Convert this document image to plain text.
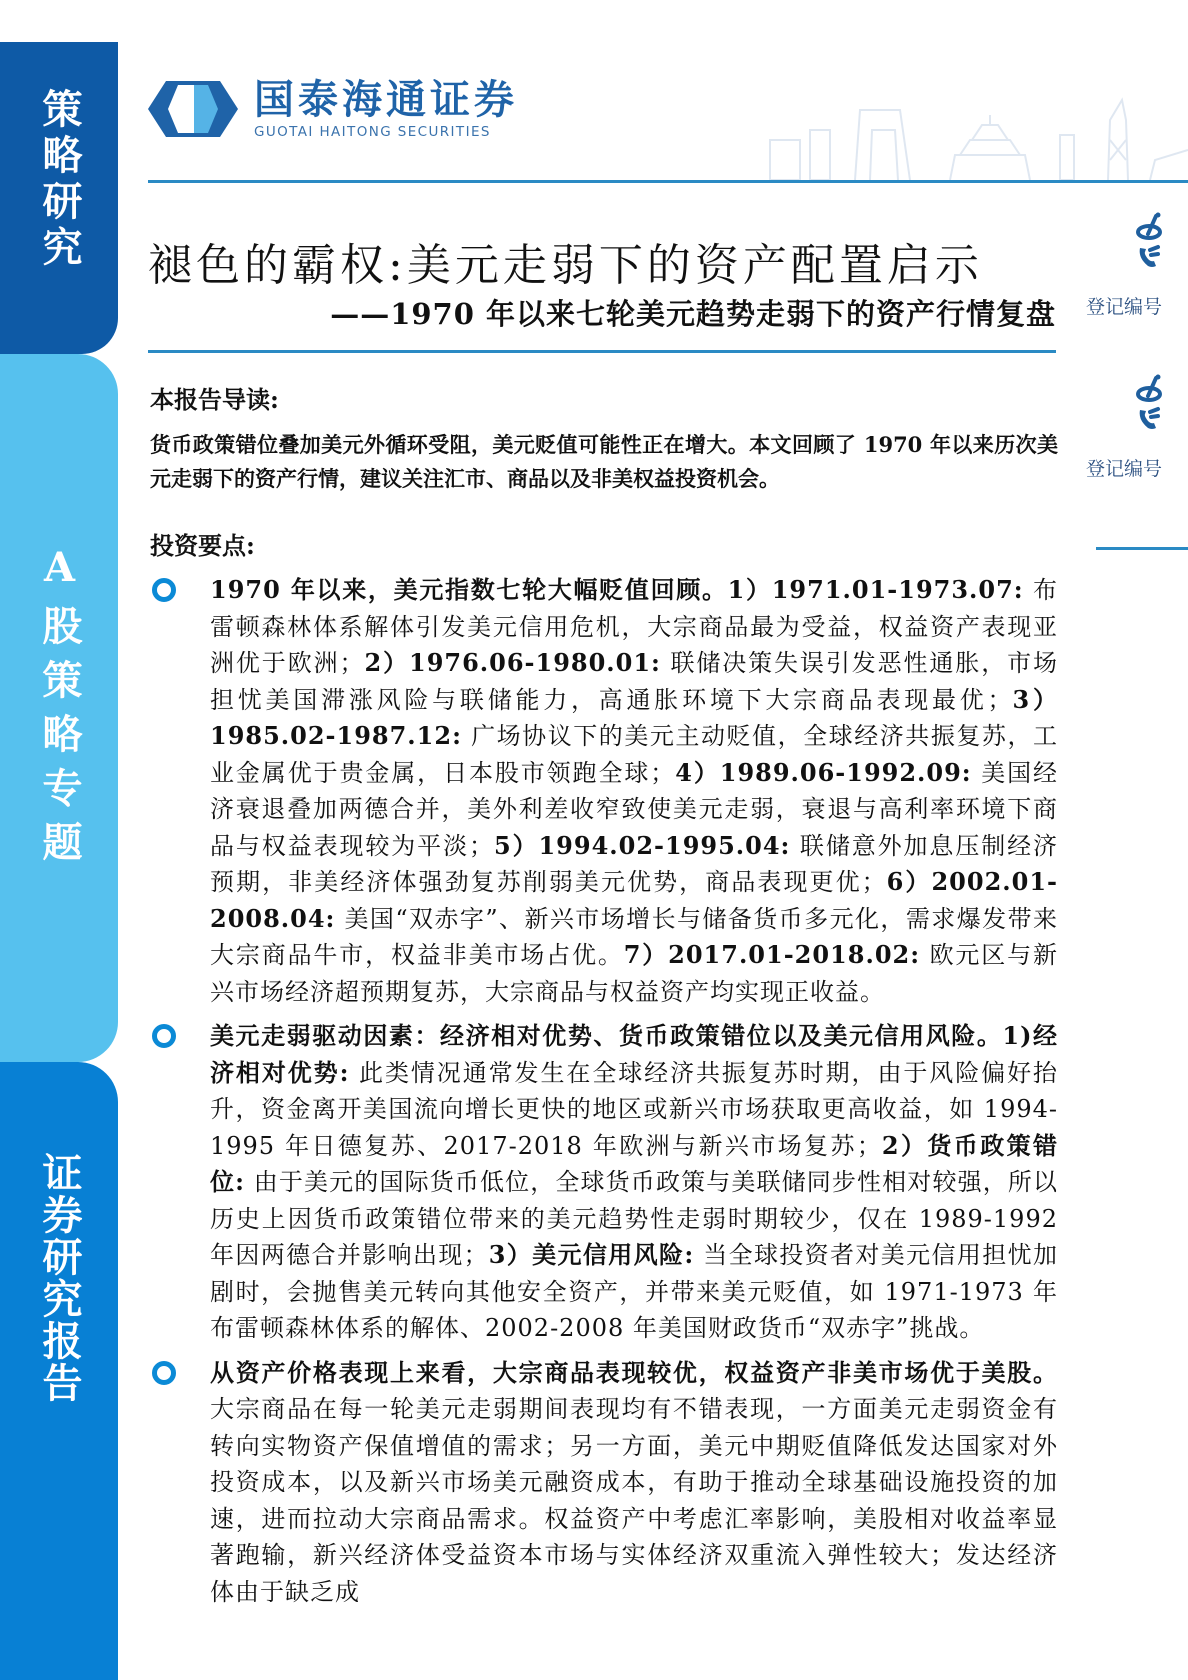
策略研究
A股策略专题
证券研究报告
国泰海通证券
GUOTAI HAITONG SECURITIES
褪色的霸权:美元走弱下的资产配置启示
——1970 年以来七轮美元趋势走弱下的资产行情复盘 登记编号
登记编号
本报告导读:
货币政策错位叠加美元外循环受阻，美元贬值可能性正在增大。本文回顾了 1970 年以来历次美元走弱下的资产行情，建议关注汇市、商品以及非美权益投资机会。
投资要点:

1970 年以来，美元指数七轮大幅贬值回顾。1）1971.01-1973.07: 布雷顿森林体系解体引发美元信用危机，大宗商品最为受益，权益资产表现亚洲优于欧洲；2）1976.06-1980.01: 联储决策失误引发恶性通胀，市场担忧美国滞涨风险与联储能力，高通胀环境下大宗商品表现最优；3）1985.02-1987.12: 广场协议下的美元主动贬值，全球经济共振复苏，工业金属优于贵金属，日本股市领跑全球；4）1989.06-1992.09: 美国经济衰退叠加两德合并，美外利差收窄致使美元走弱，衰退与高利率环境下商品与权益表现较为平淡；5）1994.02-1995.04: 联储意外加息压制经济预期，非美经济体强劲复苏削弱美元优势，商品表现更优；6）2002.01-2008.04: 美国“双赤字”、新兴市场增长与储备货币多元化，需求爆发带来大宗商品牛市，权益非美市场占优。7）2017.01-2018.02: 欧元区与新兴市场经济超预期复苏，大宗商品与权益资产均实现正收益。

美元走弱驱动因素：经济相对优势、货币政策错位以及美元信用风险。1)经济相对优势: 此类情况通常发生在全球经济共振复苏时期，由于风险偏好抬升，资金离开美国流向增长更快的地区或新兴市场获取更高收益，如 1994-1995 年日德复苏、2017-2018 年欧洲与新兴市场复苏；2）货币政策错位: 由于美元的国际货币低位，全球货币政策与美联储同步性相对较强，所以历史上因货币政策错位带来的美元趋势性走弱时期较少，仅在 1989-1992 年因两德合并影响出现；3）美元信用风险: 当全球投资者对美元信用担忧加剧时，会抛售美元转向其他安全资产，并带来美元贬值，如 1971-1973 年布雷顿森林体系的解体、2002-2008 年美国财政货币“双赤字”挑战。

从资产价格表现上来看，大宗商品表现较优，权益资产非美市场优于美股。大宗商品在每一轮美元走弱期间表现均有不错表现，一方面美元走弱资金有转向实物资产保值增值的需求；另一方面，美元中期贬值降低发达国家对外投资成本，以及新兴市场美元融资成本，有助于推动全球基础设施投资的加速，进而拉动大宗商品需求。权益资产中考虑汇率影响，美股相对收益率显著跑输，新兴经济体受益资本市场与实体经济双重流入弹性较大；发达经济体由于缺乏成
